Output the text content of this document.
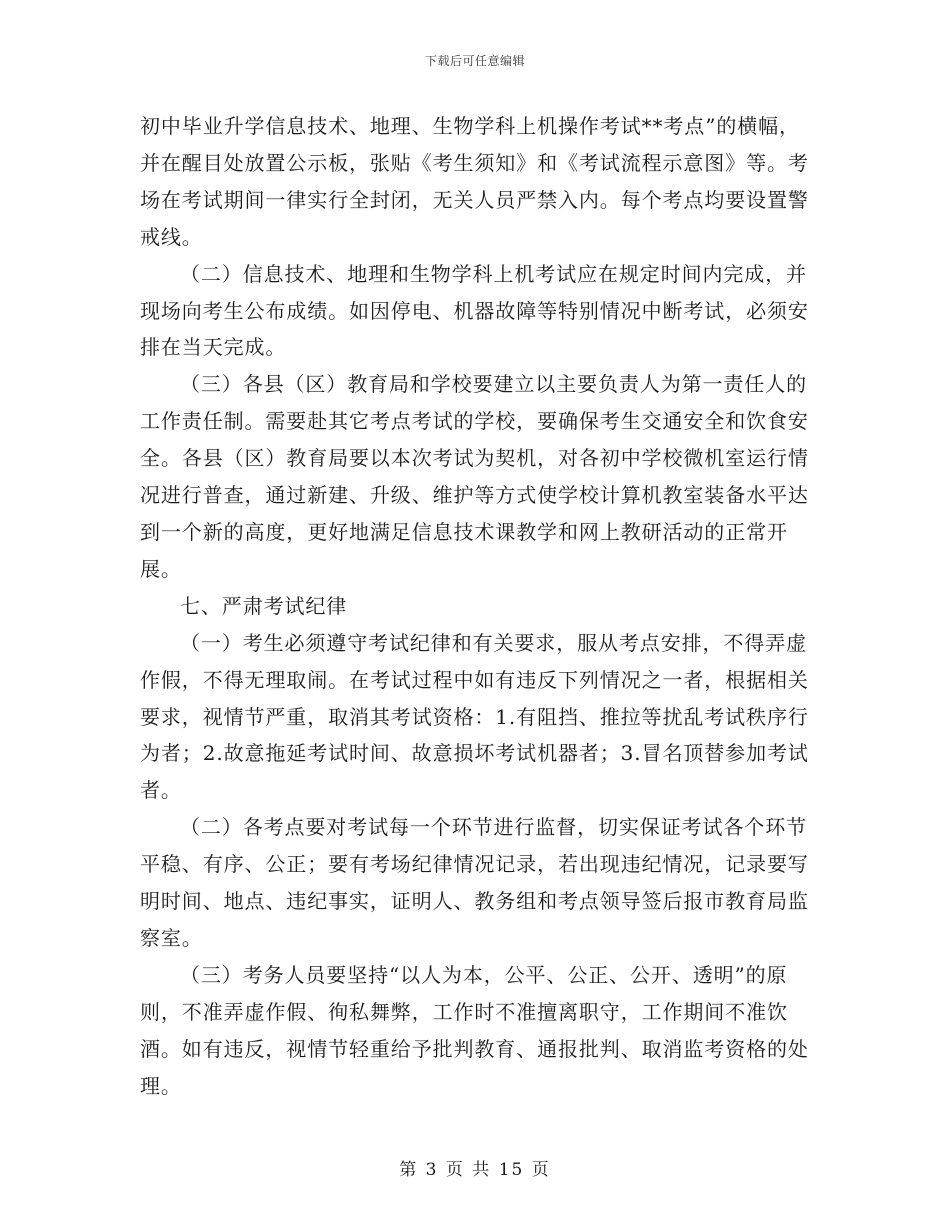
下载后可任意编辑

初中毕业升学信息技术、地理、生物学科上机操作考试**考点”的横幅，并在醒目处放置公示板，张贴《考生须知》和《考试流程示意图》等。考场在考试期间一律实行全封闭，无关人员严禁入内。每个考点均要设置警戒线。

（二）信息技术、地理和生物学科上机考试应在规定时间内完成，并现场向考生公布成绩。如因停电、机器故障等特别情况中断考试，必须安排在当天完成。

（三）各县（区）教育局和学校要建立以主要负责人为第一责任人的工作责任制。需要赴其它考点考试的学校，要确保考生交通安全和饮食安全。各县（区）教育局要以本次考试为契机，对各初中学校微机室运行情况进行普查，通过新建、升级、维护等方式使学校计算机教室装备水平达到一个新的高度，更好地满足信息技术课教学和网上教研活动的正常开展。

七、严肃考试纪律

（一）考生必须遵守考试纪律和有关要求，服从考点安排，不得弄虚作假，不得无理取闹。在考试过程中如有违反下列情况之一者，根据相关要求，视情节严重，取消其考试资格：1.有阻挡、推拉等扰乱考试秩序行为者；2.故意拖延考试时间、故意损坏考试机器者；3.冒名顶替参加考试者。

（二）各考点要对考试每一个环节进行监督，切实保证考试各个环节平稳、有序、公正；要有考场纪律情况记录，若出现违纪情况，记录要写明时间、地点、违纪事实，证明人、教务组和考点领导签后报市教育局监察室。

（三）考务人员要坚持“以人为本，公平、公正、公开、透明”的原则，不准弄虚作假、徇私舞弊，工作时不准擅离职守，工作期间不准饮酒。如有违反，视情节轻重给予批判教育、通报批判、取消监考资格的处理。

第 3 页 共 15 页
